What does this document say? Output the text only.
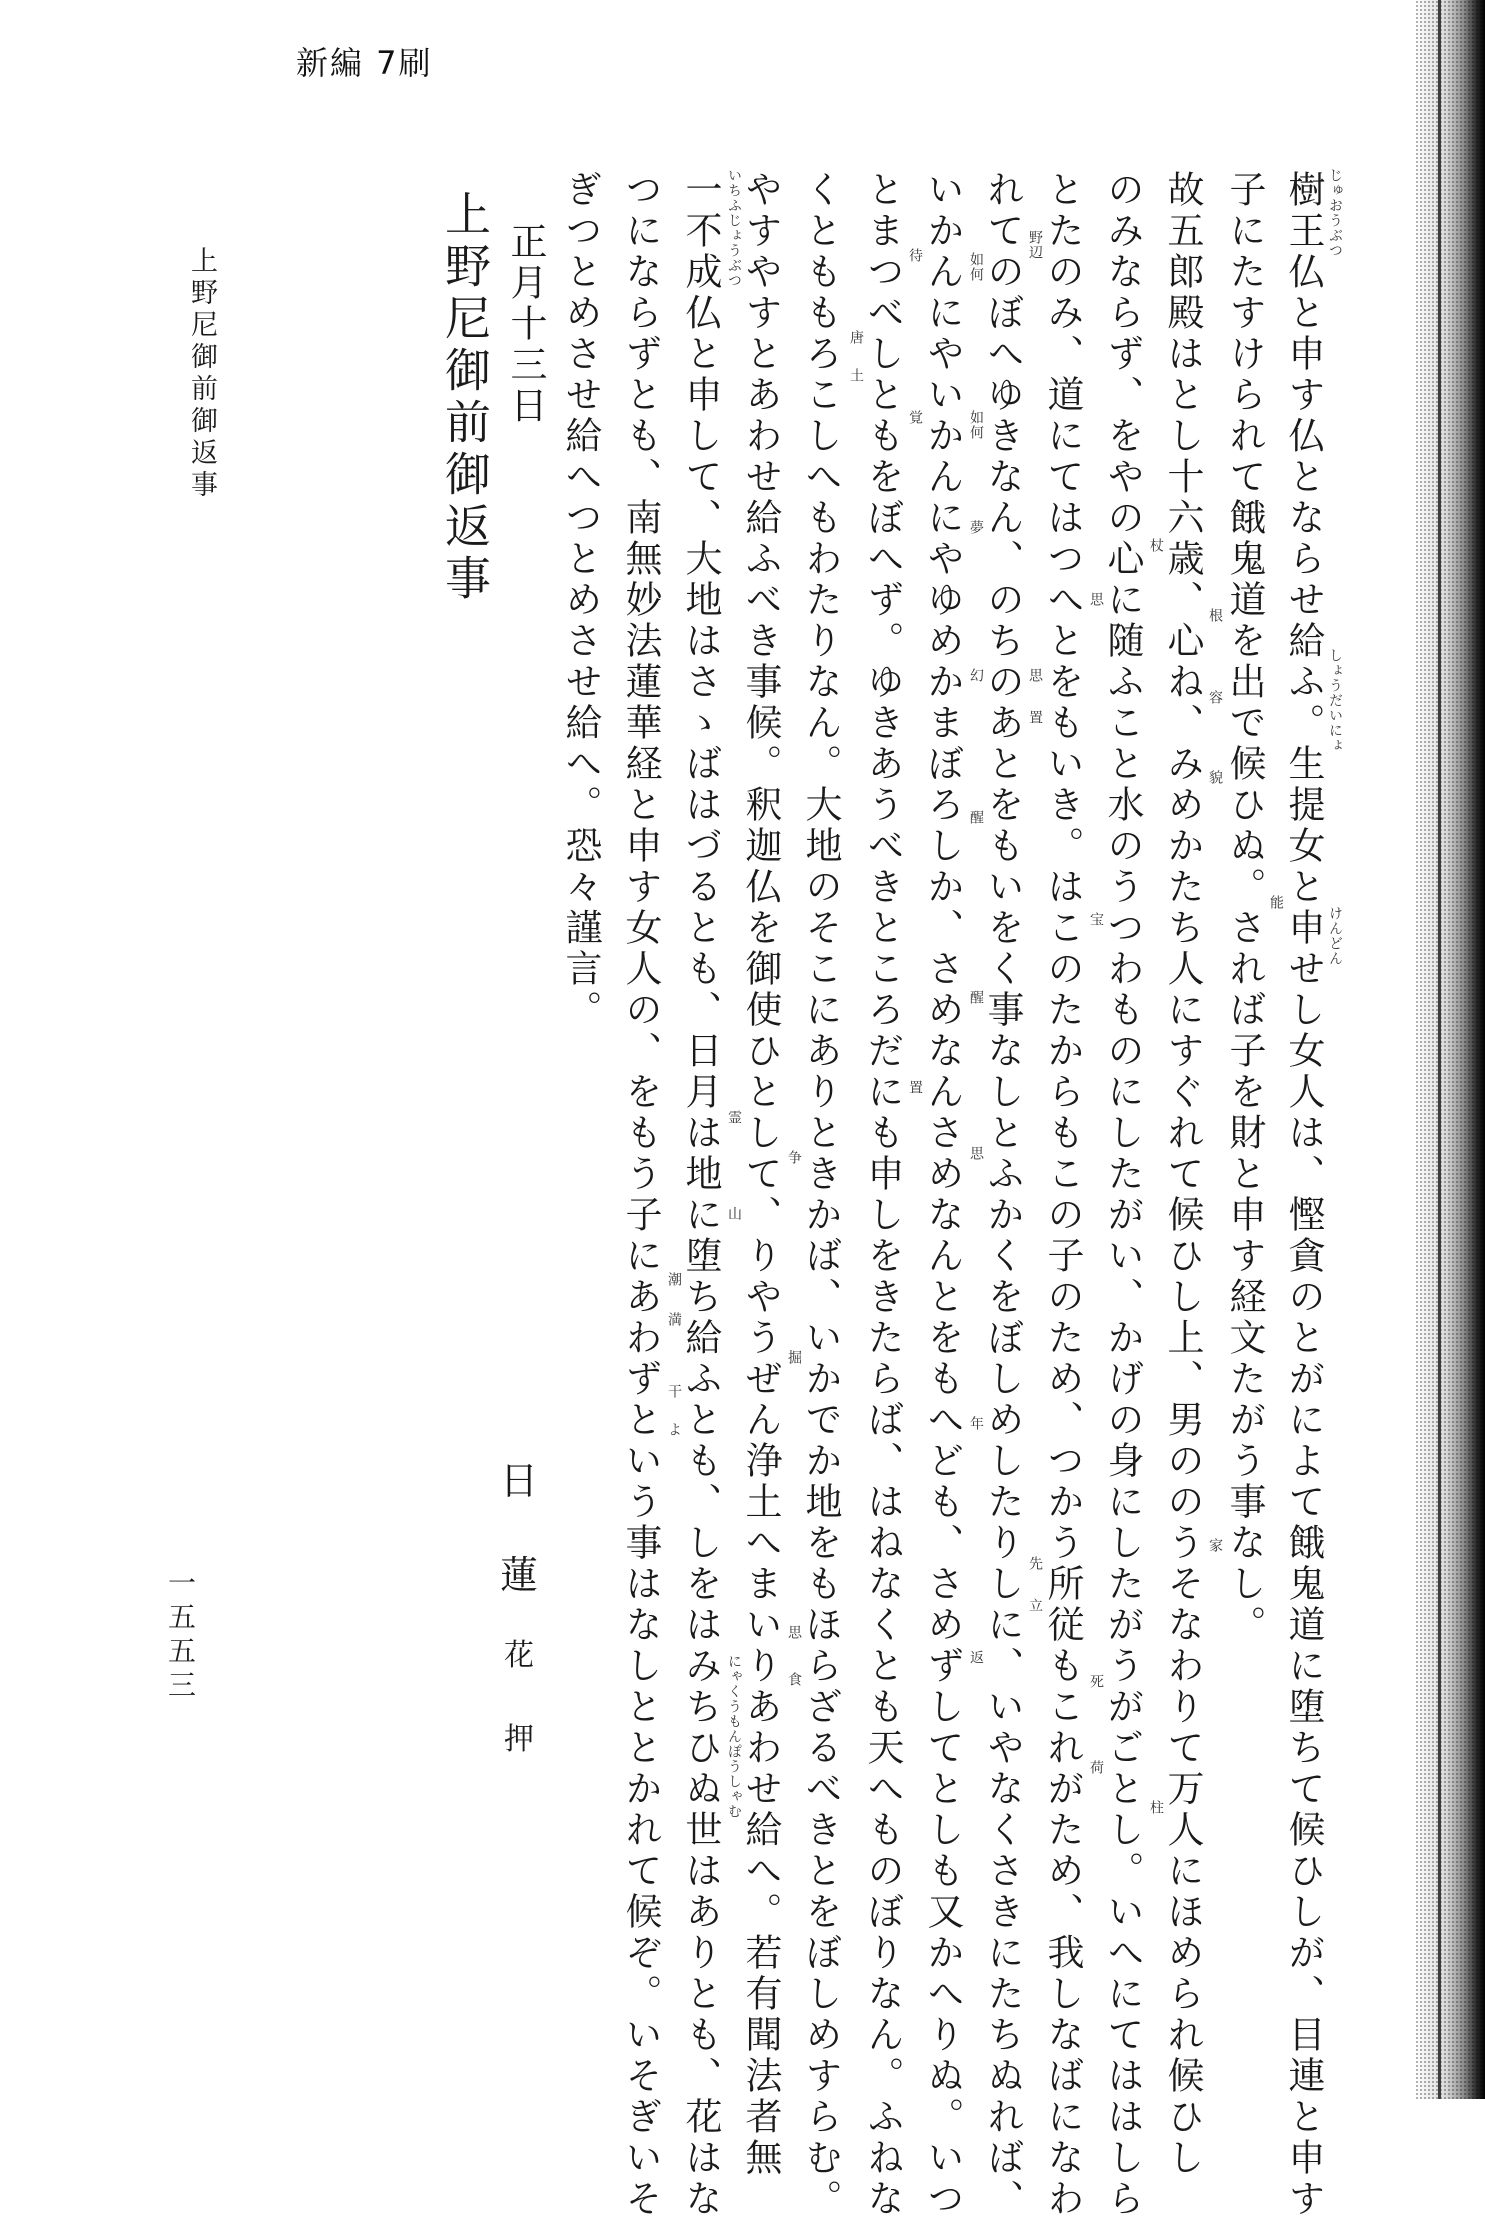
新編 7刷
樹王仏と申す仏とならせ給ふ。生提女と申せし女人は、慳貪のとがによて餓鬼道に堕ちて候ひしが、目連と申す
子にたすけられて餓鬼道を出で候ひぬ。されば子を財と申す経文たがう事なし。
故五郎殿はとし十六歳、心ね、みめかたち人にすぐれて候ひし上、男ののうそなわりて万人にほめられ候ひし
のみならず、をやの心に随ふこと水のうつわものにしたがい、かげの身にしたがうがごとし。いへにてははしら
とたのみ、道にてはつへとをもいき。はこのたからもこの子のため、つかう所従もこれがため、我しなばになわ
れてのぼへゆきなん、のちのあとをもいをく事なしとふかくをぼしめしたりしに、いやなくさきにたちぬれば、
いかんにやいかんにやゆめかまぼろしか、さめなんさめなんとをもへども、さめずしてとしも又かへりぬ。いつ
とまつべしともをぼへず。ゆきあうべきところだにも申しをきたらば、はねなくとも天へものぼりなん。ふねな
くとももろこしへもわたりなん。大地のそこにありときかば、いかでか地をもほらざるべきとをぼしめすらむ。
やすやすとあわせ給ふべき事候。釈迦仏を御使ひとして、りやうぜん浄土へまいりあわせ給へ。若有聞法者無
一不成仏と申して、大地はさゝばはづるとも、日月は地に堕ち給ふとも、しをはみちひぬ世はありとも、花はな
つにならずとも、南無妙法蓮華経と申す女人の、をもう子にあわずという事はなしととかれて候ぞ。いそぎいそ
ぎつとめさせ給へつとめさせ給へ。恐々謹言。	じゅおうぶつ
しょうだいにょ
けんどん
能
根
容
貌
家
柱
杖
思
宝
死
荷
野辺
思
置
先
立
如何
如何
夢
幻
醒
醒
思
年
返
待
覚
置
唐
土
争
掘
思
食
霊
山
にゃくうもんぽうしゃむ
いちふじょうぶつ
潮
満
干
よ
正月十三日
上野尼御前御返事
日
蓮
花
押
上野尼御前御返事
一五五三
